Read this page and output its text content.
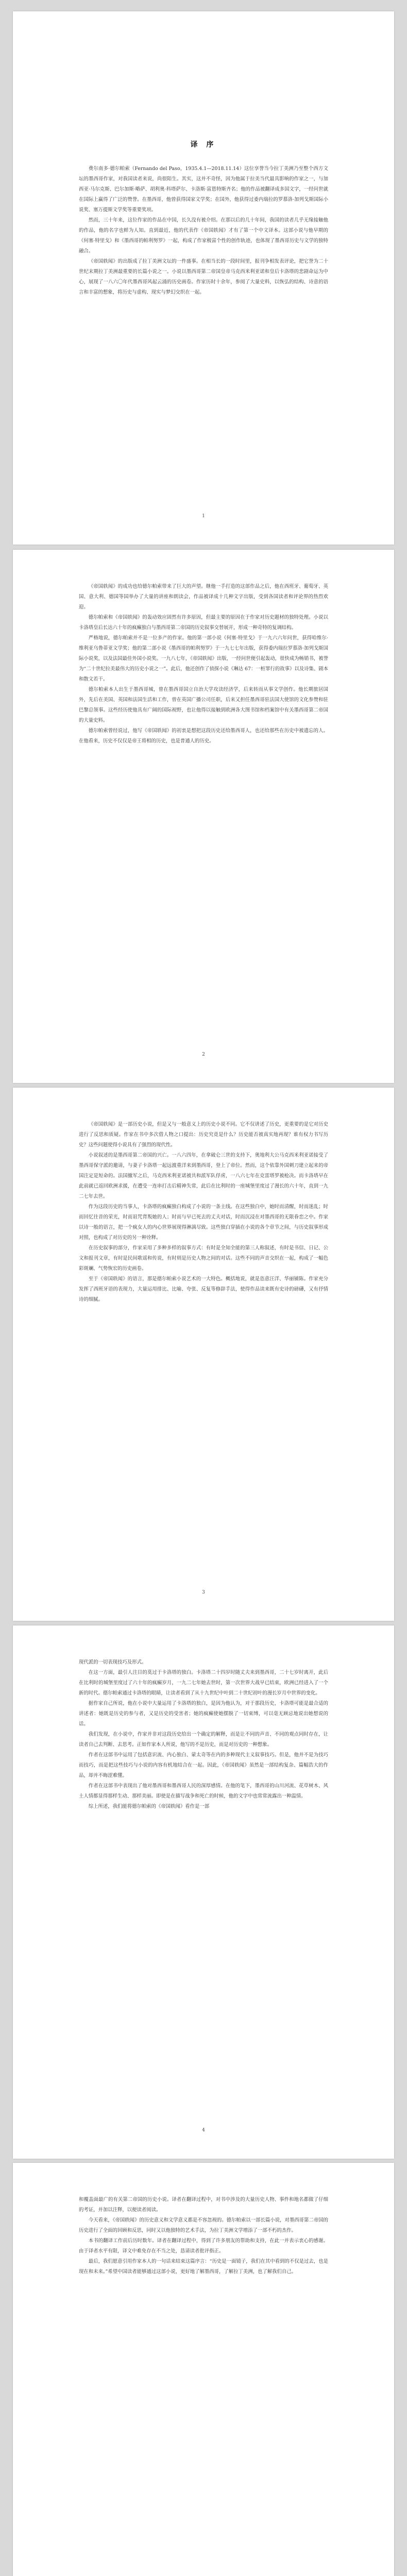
译 序

费尔南多·德尔帕索（Fernando del Paso，1935.4.1—2018.11.14）这位享誉当今拉丁美洲乃至整个西方文坛的墨西哥作家，对我国读者来说，尚很陌生。其实，这并不奇怪，因为他属于拉美当代最具影响的作家之一，与加西亚·马尔克斯、巴尔加斯·略萨、胡利奥·科塔萨尔、卡洛斯·富恩特斯齐名；他的作品被翻译成多国文字，一经问世就在国际上赢得了广泛的赞誉。在墨西哥，他曾获得国家文学奖；在国外，他获得过委内瑞拉的罗慕洛·加列戈斯国际小说奖、塞万提斯文学奖等重要奖项。

然而，三十年来，这位作家的作品在中国，长久没有被介绍。在那以后的几十年间，我国的读者几乎无缘接触他的作品，他的名字也鲜为人知。直到最近，他的代表作《帝国轶闻》才有了第一个中文译本。这部小说与他早期的《何塞·特里戈》和《墨西哥的帕利努罗》一起，构成了作家极富个性的创作轨迹，也体现了墨西哥历史与文学的独特融合。

《帝国轶闻》的出版成了拉丁美洲文坛的一件盛事。在相当长的一段时间里，报刊争相发表评论，把它誉为二十世纪末期拉丁美洲最重要的长篇小说之一。小说以墨西哥第二帝国皇帝马克西米利亚诺和皇后卡洛塔的悲剧命运为中心，展现了一八六〇年代墨西哥风起云涌的历史画卷。作家历时十余年，参阅了大量史料，以恢弘的结构、诗意的语言和丰富的想象，将历史与虚构、现实与梦幻交织在一起。

1

《帝国轶闻》的成功也给德尔帕索带来了巨大的声望。继他一手打造的这部作品之后，他在西班牙、葡萄牙、英国、意大利、德国等国举办了大量的讲座和朗读会，作品被译成十几种文字出版，受到各国读者和评论界的热烈欢迎。

德尔帕索和《帝国轶闻》的轰动效应固然有许多原因，但最主要的原因在于作家对历史题材的独特处理。小说以卡洛塔皇后长达六十年的疯癫独白与墨西哥第二帝国的历史叙事交替展开，形成一种奇特的复调结构。

严格地说，德尔帕索并不是一位多产的作家。他的第一部小说《何塞·特里戈》于一九六六年问世，获得哈维尔·维利亚乌鲁蒂亚文学奖；他的第二部小说《墨西哥的帕利努罗》于一九七七年出版，获得委内瑞拉罗慕洛·加列戈斯国际小说奖，以及法国最佳外国小说奖。一九八七年，《帝国轶闻》出版，一经问世便引起轰动，很快成为畅销书，被誉为“二十世纪拉美最伟大的历史小说之一”。此后，他还创作了侦探小说《琳达 67：一桩罪行的故事》以及诗集、剧本和散文若干。

德尔帕索本人出生于墨西哥城，曾在墨西哥国立自治大学攻读经济学，后来转而从事文学创作。他长期旅居国外，先后在美国、英国和法国生活和工作，曾在英国广播公司任职，后来又担任墨西哥驻法国大使馆的文化参赞和驻巴黎总领事。这些经历使他具有广阔的国际视野，也让他得以接触到欧洲各大图书馆和档案馆中有关墨西哥第二帝国的大量史料。

德尔帕索曾经说过，他写《帝国轶闻》的初衷是想把这段历史还给墨西哥人，也还给那些在历史中被遗忘的人。在他看来，历史不仅仅是帝王将相的历史，也是普通人的历史。

2

《帝国轶闻》是一部历史小说，但是又与一般意义上的历史小说不同。它不仅讲述了历史，更重要的是它对历史进行了反思和质疑。作家在书中多次借人物之口提出：历史究竟是什么？历史能否被真实地再现？谁有权力书写历史？这些问题使得小说具有了强烈的现代性。

小说叙述的是墨西哥第二帝国的兴亡。一八六四年，在拿破仑三世的支持下，奥地利大公马克西米利亚诺接受了墨西哥保守派的邀请，与妻子卡洛塔一起远渡重洋来到墨西哥，登上了帝位。然而，这个依靠外国刺刀建立起来的帝国注定是短命的。法国撤军之后，马克西米利亚诺被共和派军队俘虏，一八六七年在克雷塔罗被枪决。而卡洛塔早在此前就已返回欧洲求援，在遭受一连串打击后精神失常，此后在比利时的一座城堡里度过了漫长的六十年，直到一九二七年去世。

作为这段历史的当事人，卡洛塔的疯癫独白构成了小说的一条主线。在这些独白中，她时而清醒，时而迷乱；时而回忆往昔的荣光，时而诅咒背叛她的人；时而与早已死去的丈夫对话，时而沉浸在对墨西哥的无限眷恋之中。作家以诗一般的语言，把一个疯女人的内心世界展现得淋漓尽致。这些独白穿插在小说的各个章节之间，与历史叙事形成对照，也构成了对历史的另一种诠释。

在历史叙事的部分，作家采用了多种多样的叙事方式：有时是全知全能的第三人称叙述，有时是书信、日记、公文和报刊文章，有时是民间歌谣和传说，有时则是历史人物之间的对话。这些不同的声音交织在一起，构成了一幅色彩斑斓、气势恢宏的历史画卷。

至于《帝国轶闻》的语言，那是德尔帕索小说艺术的一大特色。概括地说，就是恣意汪洋、华丽铺陈。作家充分发挥了西班牙语的表现力，大量运用排比、比喻、夸张、反复等修辞手法，使得作品读来既有史诗的磅礴，又有抒情诗的细腻。

3

现代派的一切表现技巧及形式。

在这一方面，最引人注目的莫过于卡洛塔的独白。卡洛塔二十四岁时随丈夫来到墨西哥，二十七岁时离开，此后在比利时的城堡里度过了六十年的疯癫岁月，一九二七年她去世时，第一次世界大战早已结束，欧洲已经进入了一个新的时代。德尔帕索通过卡洛塔的眼睛，让读者看到了从十九世纪中叶到二十世纪初叶的漫长岁月中世界的变化。

据作家自己所说，他在小说中大量运用了卡洛塔的独白，是因为他认为，对于那段历史，卡洛塔可能是最合适的讲述者：她既是历史的参与者，又是历史的受害者；她的疯癫使她摆脱了一切束缚，可以毫无顾忌地说出她想说的话。

我们发现，在小说中，作家并非对这段历史给出一个确定的解释，而是让不同的声音、不同的观点同时存在，让读者自己去判断、去思考。正如作家本人所说，他写的不是历史，而是对历史的一种想象。

作者在这部书中运用了包括意识流、内心独白、蒙太奇等在内的多种现代主义叙事技巧。但是，他并不是为技巧而技巧，而是把这些技巧与小说的内容有机地结合在一起。因此，《帝国轶闻》虽然是一部结构复杂、篇幅浩大的作品，却并不晦涩难懂。

作者在这部书中表现出了他对墨西哥和墨西哥人民的深厚感情。在他的笔下，墨西哥的山川河流、花草树木、风土人情都显得那样生动、那样美丽。即使是在描写战争和死亡的时候，他的文字中也常常流露出一种温情。

综上所述，我们能将德尔帕索的《帝国轶闻》看作是一部

4

和覆盖面最广的有关第二帝国的历史小说。译者在翻译过程中，对书中涉及的大量历史人物、事件和地名都做了仔细的考证，并加以注释，以便读者阅读。

今天看来，《帝国轶闻》的历史意义和文学意义都是不容忽视的。德尔帕索以一部长篇小说，对墨西哥第二帝国的历史进行了全面的回顾和反思，同时又以他独特的艺术手法，为拉丁美洲文学增添了一部不朽的杰作。

本书的翻译工作前后历时数年。译者在翻译过程中，得到了许多朋友的帮助和支持，在此一并表示衷心的感谢。由于译者水平有限，译文中难免存在不当之处，恳请读者批评指正。

最后，我们愿意引用作家本人的一句话来结束这篇序言：“历史是一面镜子，我们在其中看到的不仅是过去，也是现在和未来。”希望中国读者能够通过这部小说，更好地了解墨西哥，了解拉丁美洲，也了解我们自己。
